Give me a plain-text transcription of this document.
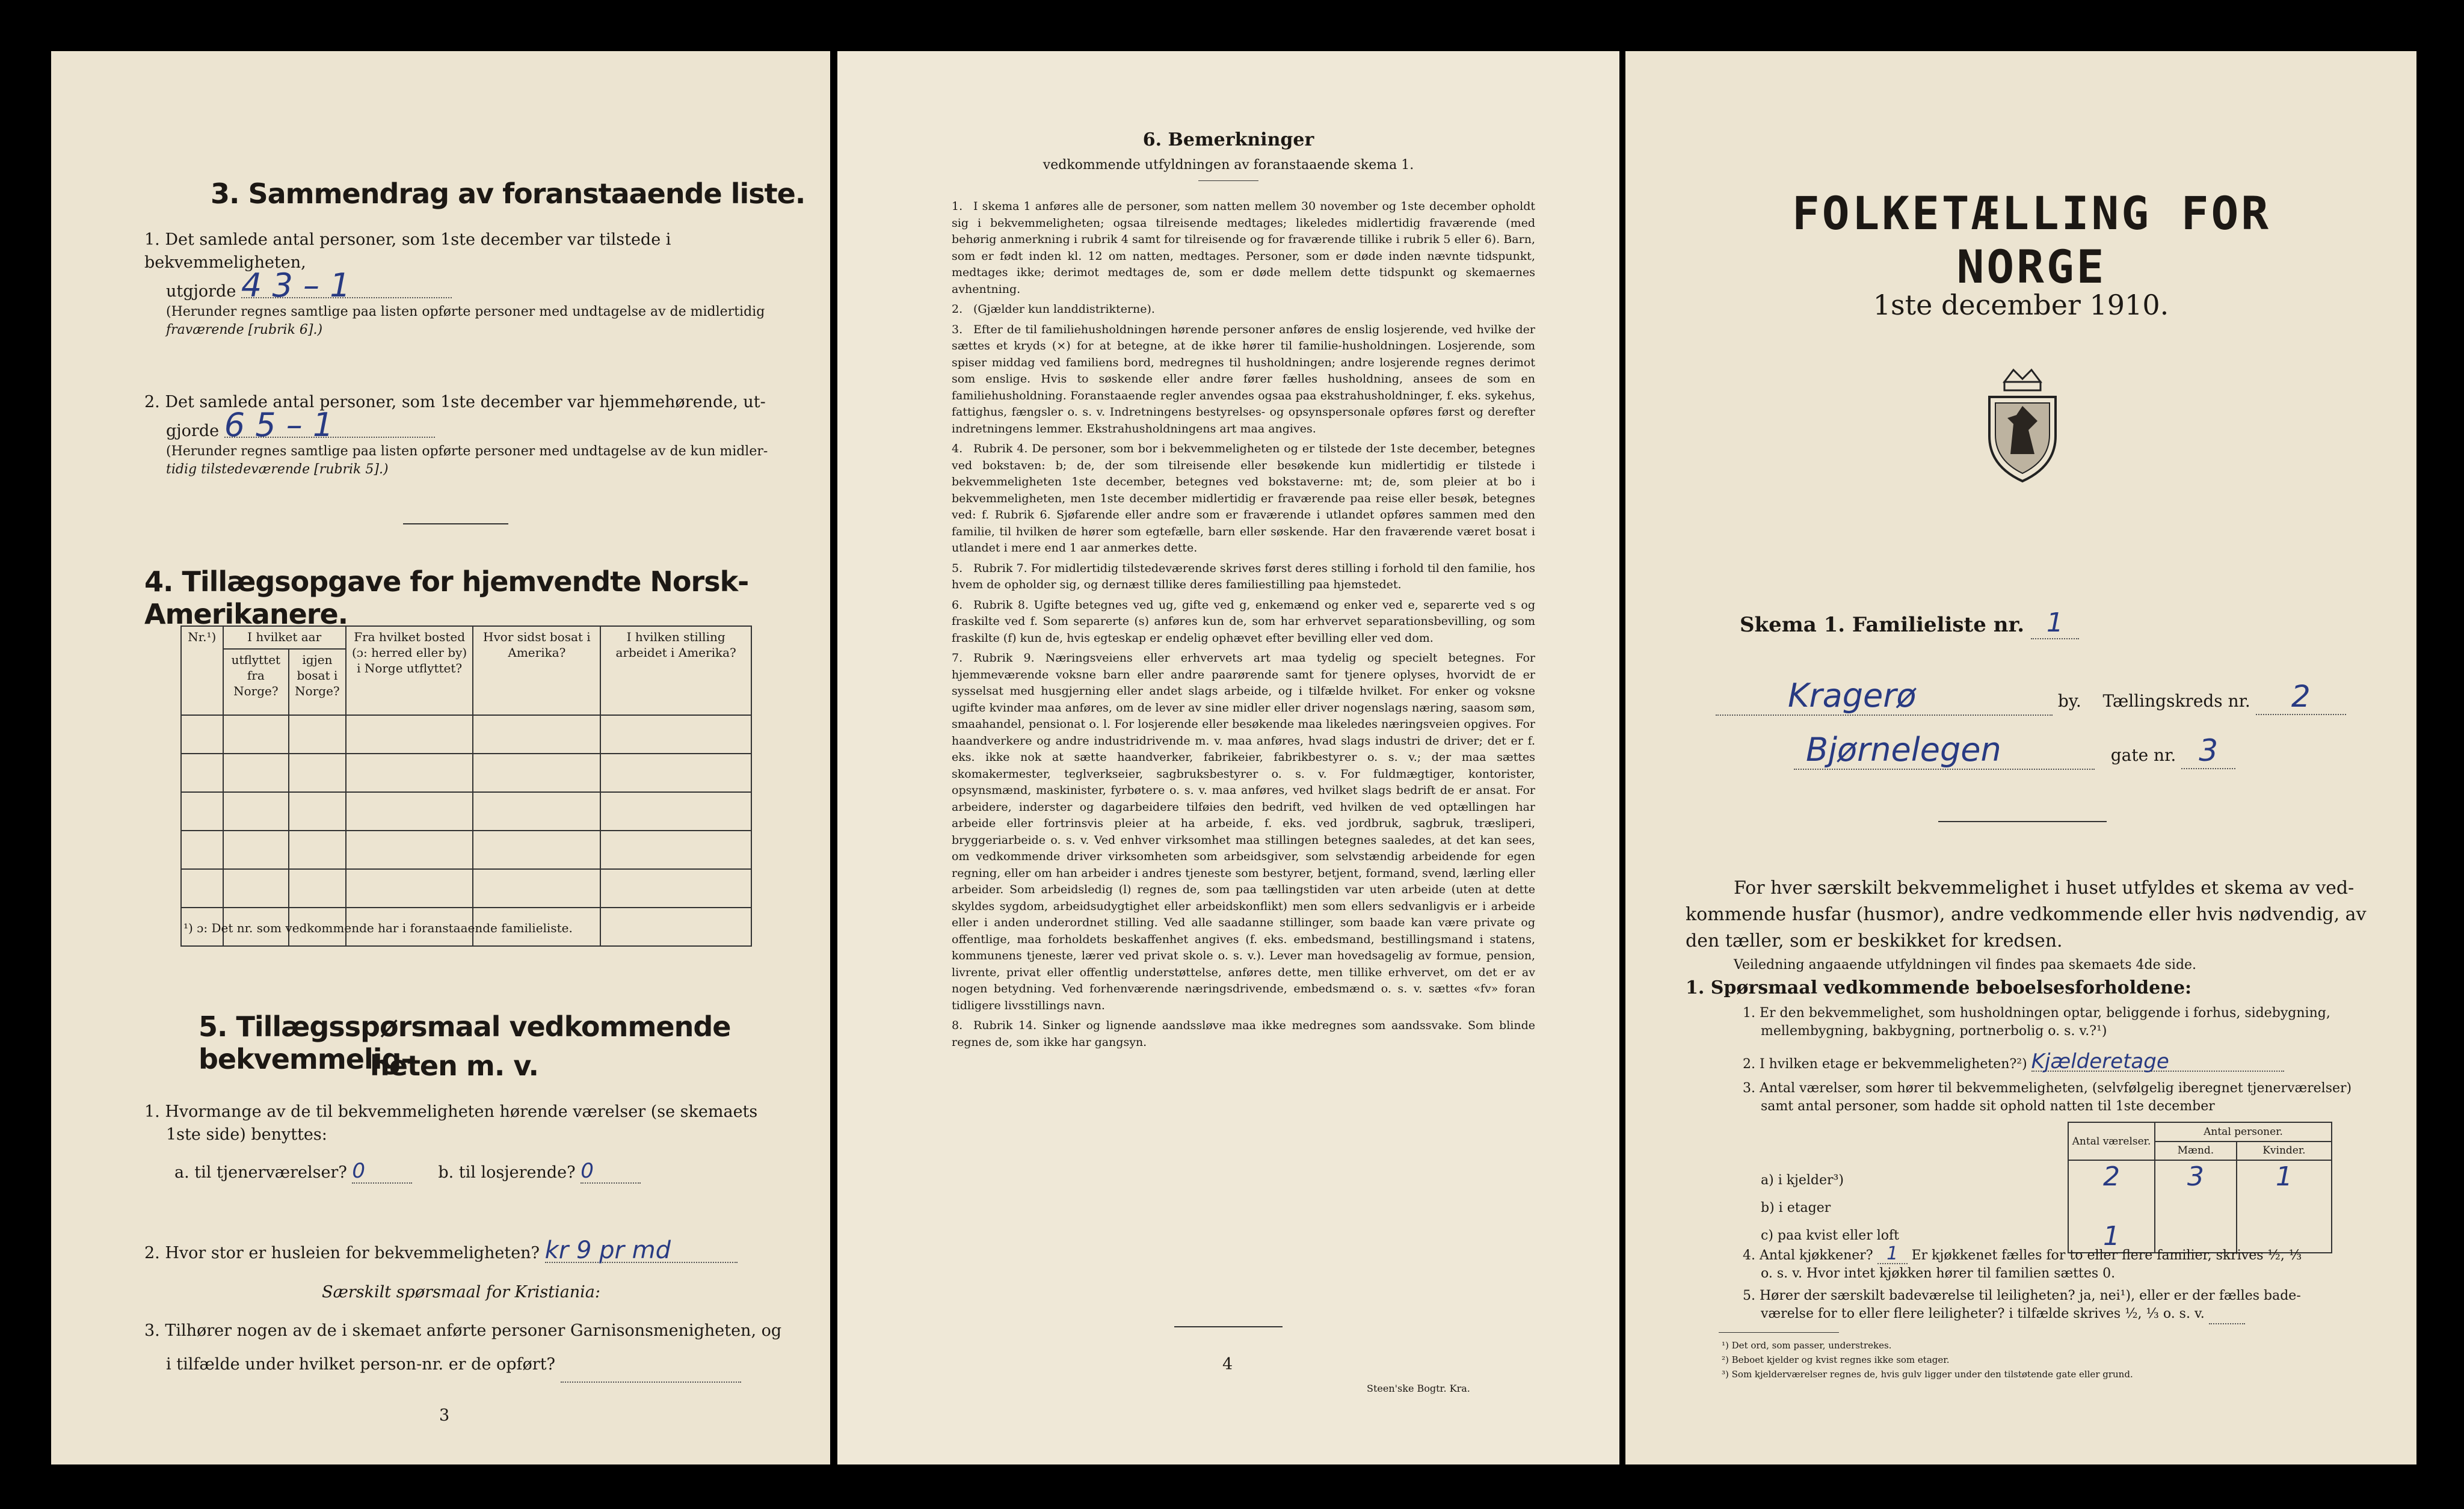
3. Sammendrag av foranstaaende liste.
1. Det samlede antal personer, som 1ste december var tilstede i bekvemmeligheten,
utgjorde 4 3 – 1
(Herunder regnes samtlige paa listen opførte personer med undtagelse av de midlertidig
fraværende [rubrik 6].)
2. Det samlede antal personer, som 1ste december var hjemmehørende, ut-
gjorde 6 5 – 1
(Herunder regnes samtlige paa listen opførte personer med undtagelse av de kun midler-
tidig tilstedeværende [rubrik 5].)
4. Tillægsopgave for hjemvendte Norsk-Amerikanere.
Nr.¹)	I hvilket aar		Fra hvilket bosted (ɔ: herred eller by) i Norge utflyttet?	Hvor sidst bosat i Amerika?	I hvilken stilling arbeidet i Amerika?
	utflyttet fra Norge?	igjen bosat i Norge?			

¹) ɔ: Det nr. som vedkommende har i foranstaaende familieliste.
5. Tillægsspørsmaal vedkommende bekvemmelig-
heten m. v.
1. Hvormange av de til bekvemmeligheten hørende værelser (se skemaets
1ste side) benyttes:
a. til tjenerværelser? 0	b. til losjerende? 0
2. Hvor stor er husleien for bekvemmeligheten? kr 9 pr md
Særskilt spørsmaal for Kristiania:
3. Tilhører nogen av de i skemaet anførte personer Garnisonsmenigheten, og
i tilfælde under hvilket person-nr. er de opført?
3
6. Bemerkninger
vedkommende utfyldningen av foranstaaende skema 1.

1. I skema 1 anføres alle de personer, som natten mellem 30 november og 1ste december opholdt sig i bekvemmeligheten; ogsaa tilreisende medtages; likeledes midlertidig fraværende (med behørig anmerkning i rubrik 4 samt for tilreisende og for fraværende tillike i rubrik 5 eller 6). Barn, som er født inden kl. 12 om natten, medtages. Personer, som er døde inden nævnte tidspunkt, medtages ikke; derimot medtages de, som er døde mellem dette tidspunkt og skemaernes avhentning.

2. (Gjælder kun landdistrikterne).

3. Efter de til familiehusholdningen hørende personer anføres de enslig losjerende, ved hvilke der sættes et kryds (×) for at betegne, at de ikke hører til familie-husholdningen. Losjerende, som spiser middag ved familiens bord, medregnes til husholdningen; andre losjerende regnes derimot som enslige. Hvis to søskende eller andre fører fælles husholdning, ansees de som en familiehusholdning. Foranstaaende regler anvendes ogsaa paa ekstrahusholdninger, f. eks. sykehus, fattighus, fængsler o. s. v. Indretningens bestyrelses- og opsynspersonale opføres først og derefter indretningens lemmer. Ekstrahusholdningens art maa angives.

4. Rubrik 4. De personer, som bor i bekvemmeligheten og er tilstede der 1ste december, betegnes ved bokstaven: b; de, der som tilreisende eller besøkende kun midlertidig er tilstede i bekvemmeligheten 1ste december, betegnes ved bokstaverne: mt; de, som pleier at bo i bekvemmeligheten, men 1ste december midlertidig er fraværende paa reise eller besøk, betegnes ved: f. Rubrik 6. Sjøfarende eller andre som er fraværende i utlandet opføres sammen med den familie, til hvilken de hører som egtefælle, barn eller søskende. Har den fraværende været bosat i utlandet i mere end 1 aar anmerkes dette.

5. Rubrik 7. For midlertidig tilstedeværende skrives først deres stilling i forhold til den familie, hos hvem de opholder sig, og dernæst tillike deres familiestilling paa hjemstedet.

6. Rubrik 8. Ugifte betegnes ved ug, gifte ved g, enkemænd og enker ved e, separerte ved s og fraskilte ved f. Som separerte (s) anføres kun de, som har erhvervet separationsbevilling, og som fraskilte (f) kun de, hvis egteskap er endelig ophævet efter bevilling eller ved dom.

7. Rubrik 9. Næringsveiens eller erhvervets art maa tydelig og specielt betegnes. For hjemmeværende voksne barn eller andre paarørende samt for tjenere oplyses, hvorvidt de er sysselsat med husgjerning eller andet slags arbeide, og i tilfælde hvilket. For enker og voksne ugifte kvinder maa anføres, om de lever av sine midler eller driver nogenslags næring, saasom søm, smaahandel, pensionat o. l. For losjerende eller besøkende maa likeledes næringsveien opgives. For haandverkere og andre industridrivende m. v. maa anføres, hvad slags industri de driver; det er f. eks. ikke nok at sætte haandverker, fabrikeier, fabrikbestyrer o. s. v.; der maa sættes skomakermester, teglverkseier, sagbruksbestyrer o. s. v. For fuldmægtiger, kontorister, opsynsmænd, maskinister, fyrbøtere o. s. v. maa anføres, ved hvilket slags bedrift de er ansat. For arbeidere, inderster og dagarbeidere tilføies den bedrift, ved hvilken de ved optællingen har arbeide eller fortrinsvis pleier at ha arbeide, f. eks. ved jordbruk, sagbruk, træsliperi, bryggeriarbeide o. s. v. Ved enhver virksomhet maa stillingen betegnes saaledes, at det kan sees, om vedkommende driver virksomheten som arbeidsgiver, som selvstændig arbeidende for egen regning, eller om han arbeider i andres tjeneste som bestyrer, betjent, formand, svend, lærling eller arbeider. Som arbeidsledig (l) regnes de, som paa tællingstiden var uten arbeide (uten at dette skyldes sygdom, arbeidsudygtighet eller arbeidskonflikt) men som ellers sedvanligvis er i arbeide eller i anden underordnet stilling. Ved alle saadanne stillinger, som baade kan være private og offentlige, maa forholdets beskaffenhet angives (f. eks. embedsmand, bestillingsmand i statens, kommunens tjeneste, lærer ved privat skole o. s. v.). Lever man hovedsagelig av formue, pension, livrente, privat eller offentlig understøttelse, anføres dette, men tillike erhvervet, om det er av nogen betydning. Ved forhenværende næringsdrivende, embedsmænd o. s. v. sættes «fv» foran tidligere livsstillings navn.

8. Rubrik 14. Sinker og lignende aandssløve maa ikke medregnes som aandssvake. Som blinde regnes de, som ikke har gangsyn.

4
Steen'ske Bogtr. Kra.
FOLKETÆLLING FOR NORGE
1ste december 1910.
Skema 1. Familieliste nr. 1
Kragerø	by. Tællingskreds nr. 2
Bjørnelegen	gate nr. 3
For hver særskilt bekvemmelighet i huset utfyldes et skema av ved-
kommende husfar (husmor), andre vedkommende eller hvis nødvendig, av
den tæller, som er beskikket for kredsen.
Veiledning angaaende utfyldningen vil findes paa skemaets 4de side.
1. Spørsmaal vedkommende beboelsesforholdene:
1. Er den bekvemmelighet, som husholdningen optar, beliggende i forhus, sidebygning,
mellembygning, bakbygning, portnerbolig o. s. v.?¹)
2. I hvilken etage er bekvemmeligheten?²) Kjælderetage
3. Antal værelser, som hører til bekvemmeligheten, (selvfølgelig iberegnet tjenerværelser)
samt antal personer, som hadde sit ophold natten til 1ste december
a) i kjelder³)
b) i etager
c) paa kvist eller loft
Antal værelser.	Antal personer.	
	Mænd.	Kvinder.
2	3	1

1		
4. Antal kjøkkener? 1 Er kjøkkenet fælles for to eller flere familier, skrives ½, ⅓
o. s. v. Hvor intet kjøkken hører til familien sættes 0.
5. Hører der særskilt badeværelse til leiligheten? ja, nei¹), eller er der fælles bade-
værelse for to eller flere leiligheter? i tilfælde skrives ½, ⅓ o. s. v.
¹) Det ord, som passer, understrekes.
²) Beboet kjelder og kvist regnes ikke som etager.
³) Som kjelderværelser regnes de, hvis gulv ligger under den tilstøtende gate eller grund.
